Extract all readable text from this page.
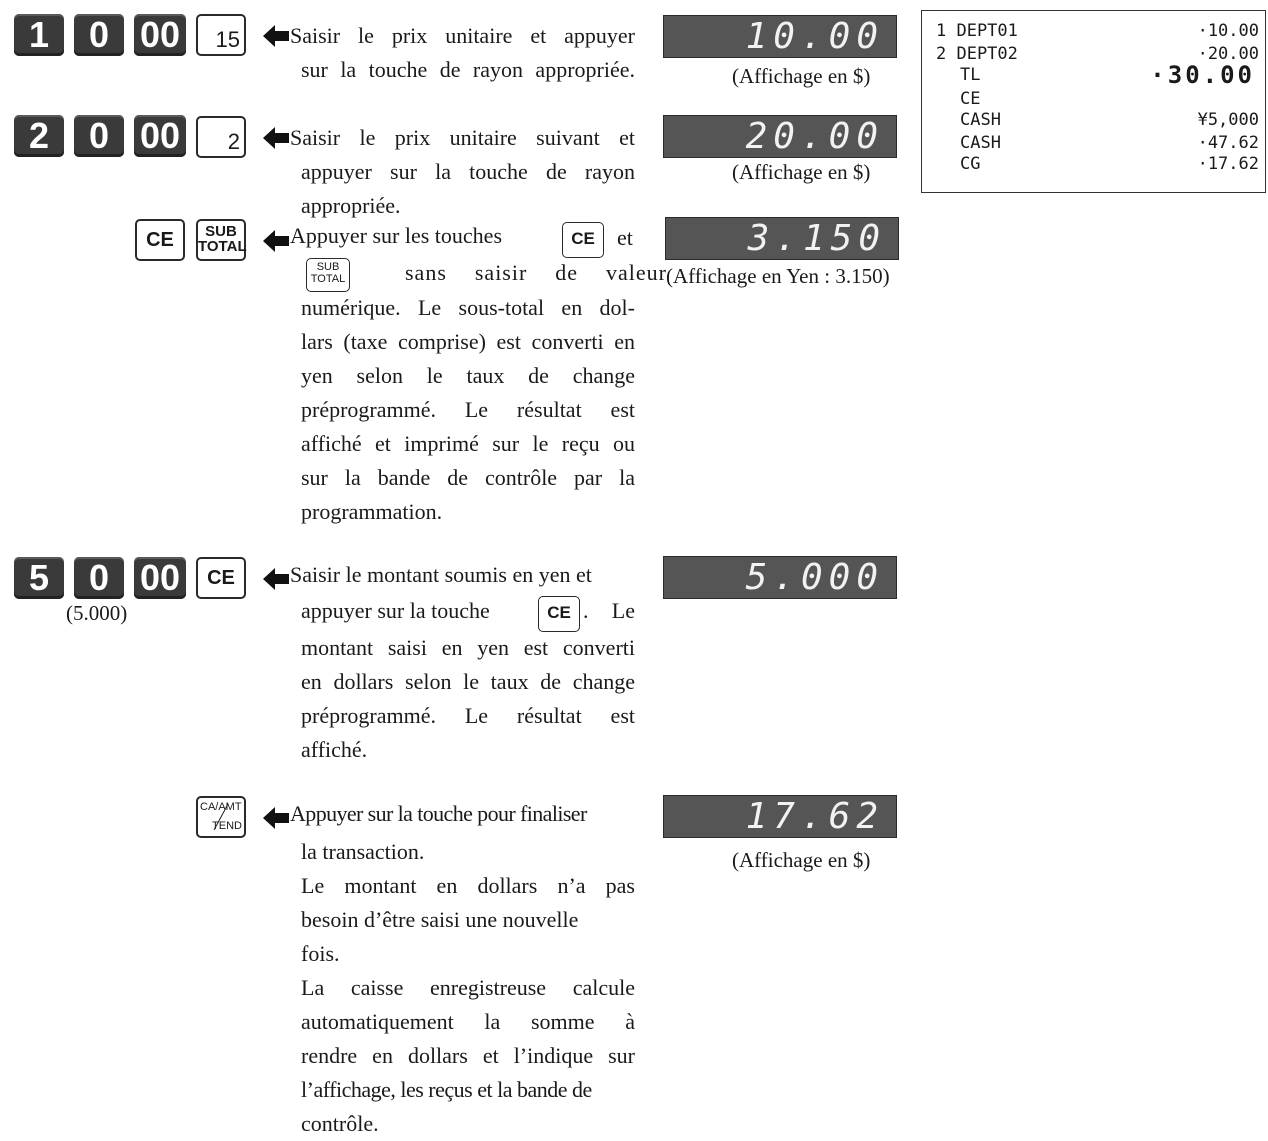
1	0 00 15 Saisir le prix unitaire et appuyer
sur la touche de rayon appropriée.
10.00
(Affichage en $)
2	0 00 2 Saisir le prix unitaire suivant et
appuyer sur la touche de rayon
appropriée.
20.00
(Affichage en $)
CE	SUB
TOTAL Appuyer sur les touches	CE	et
SUB
TOTAL	sans saisir de valeur
numérique. Le sous-total en dol-
lars (taxe comprise) est converti en
yen selon le taux de change
préprogrammé. Le résultat est
affiché et imprimé sur le reçu ou
sur la bande de contrôle par la
programmation.
3.150
(Affichage en Yen : 3.150)
5	0 00	CE
(5.000)
Saisir le montant soumis en yen et
appuyer sur la touche	CE . Le
montant saisi en yen est converti
en dollars selon le taux de change
préprogrammé. Le résultat est
affiché.
5.000
CA/AMT
TEND Appuyer sur la touche pour finaliser
la transaction.
Le montant en dollars n’a pas
besoin d’être saisi une nouvelle
fois.
La caisse enregistreuse calcule
automatiquement la somme à
rendre en dollars et l’indique sur
l’affichage, les reçus et la bande de
contrôle.
17.62
(Affichage en $)
1 DEPT01	·10.00
2 DEPT02	·20.00
TL	·30.00
CE
CASH	¥5,000
CASH	·47.62
CG	·17.62
